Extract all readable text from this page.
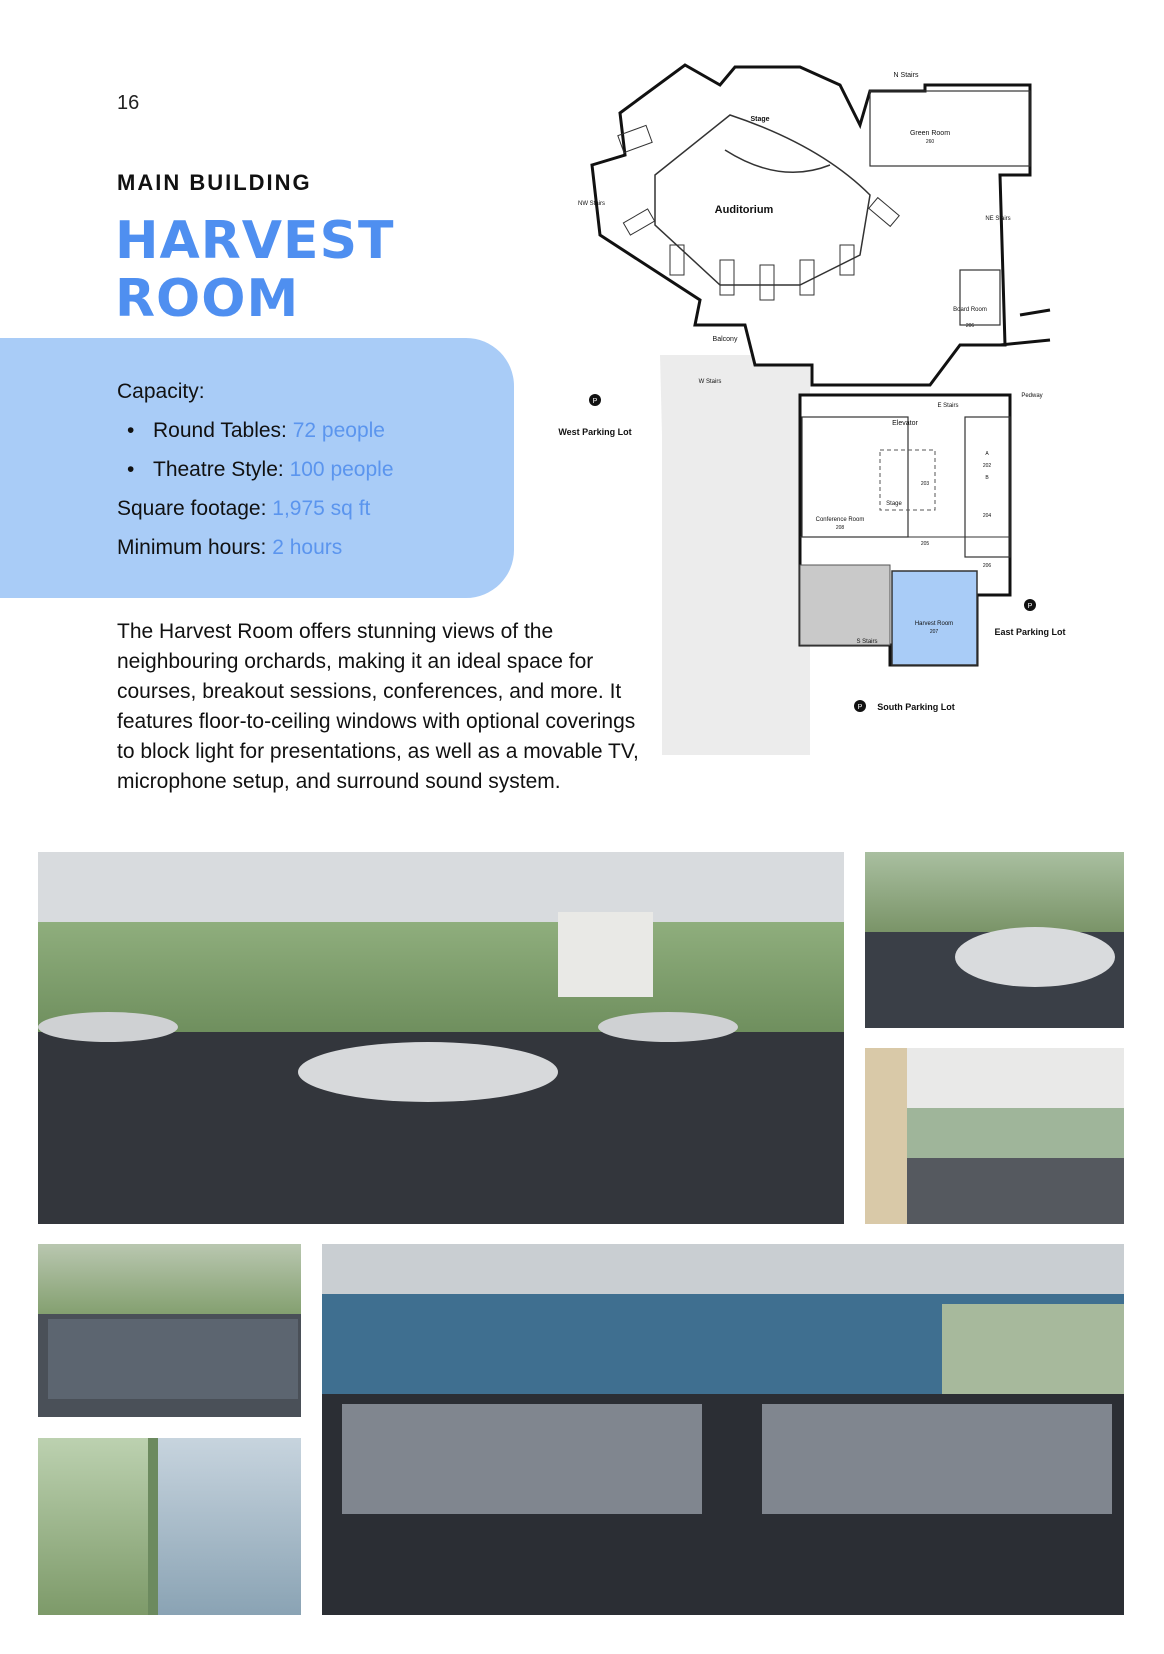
16
MAIN BUILDING
HARVEST
ROOM
Capacity:
• Round Tables: 72 people
• Theatre Style: 100 people
Square footage: 1,975 sq ft
Minimum hours: 2 hours
The Harvest Room offers stunning views of the neighbouring orchards, making it an ideal space for courses, breakout sessions, conferences, and more. It features floor-to-ceiling windows with optional coverings to block light for presentations, as well as a movable TV, microphone setup, and surround sound system.
P
P
P
N Stairs
Stage
Green Room
260
NW Stairs	Auditorium
NE Stairs
Board Room
206
Balcony
W Stairs
Pedway
E Stairs
Elevator
West Parking Lot
Stage
Conference Room
208
203
205
202
204
206
A
B
Harvest Room
207
S Stairs
East Parking Lot
South Parking Lot
